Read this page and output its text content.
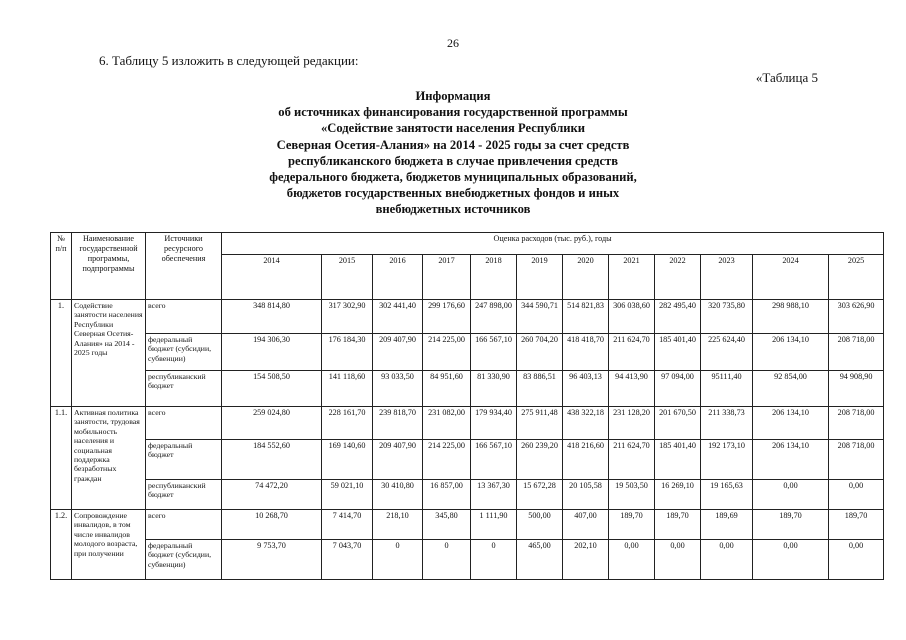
26
6. Таблицу 5 изложить в следующей редакции:
«Таблица 5
Информация
об источниках финансирования государственной программы
«Содействие занятости населения Республики
Северная Осетия-Алания» на 2014 - 2025 годы за счет средств
республиканского бюджета в случае привлечения средств
федерального бюджета, бюджетов муниципальных образований,
бюджетов государственных внебюджетных фондов и иных
внебюджетных источников
№ п/п	Наименование государственной программы, подпрограммы	Источники ресурсного обеспечения	Оценка расходов (тыс. руб.), годы											
			2014	2015	2016	2017	2018	2019	2020	2021	2022	2023	2024	2025
1.	Содействие занятости населения Республики Северная Осетия-Алания» на 2014 - 2025 годы	всего	348 814,80	317 302,90	302 441,40	299 176,60	247 898,00	344 590,71	514 821,83	306 038,60	282 495,40	320 735,80	298 988,10	303 626,90
		федеральный бюджет (субсидии, субвенции)	194 306,30	176 184,30	209 407,90	214 225,00	166 567,10	260 704,20	418 418,70	211 624,70	185 401,40	225 624,40	206 134,10	208 718,00
		республиканский бюджет	154 508,50	141 118,60	93 033,50	84 951,60	81 330,90	83 886,51	96 403,13	94 413,90	97 094,00	95111,40	92 854,00	94 908,90
1.1.	Активная политика занятости, трудовая мобильность населения и социальная поддержка безработных граждан	всего	259 024,80	228 161,70	239 818,70	231 082,00	179 934,40	275 911,48	438 322,18	231 128,20	201 670,50	211 338,73	206 134,10	208 718,00
		федеральный бюджет	184 552,60	169 140,60	209 407,90	214 225,00	166 567,10	260 239,20	418 216,60	211 624,70	185 401,40	192 173,10	206 134,10	208 718,00
		республиканский бюджет	74 472,20	59 021,10	30 410,80	16 857,00	13 367,30	15 672,28	20 105,58	19 503,50	16 269,10	19 165,63	0,00	0,00
1.2.	Сопровождение инвалидов, в том числе инвалидов молодого возраста, при получении	всего	10 268,70	7 414,70	218,10	345,80	1 111,90	500,00	407,00	189,70	189,70	189,69	189,70	189,70
		федеральный бюджет (субсидии, субвенции)	9 753,70	7 043,70	0	0	0	465,00	202,10	0,00	0,00	0,00	0,00	0,00
